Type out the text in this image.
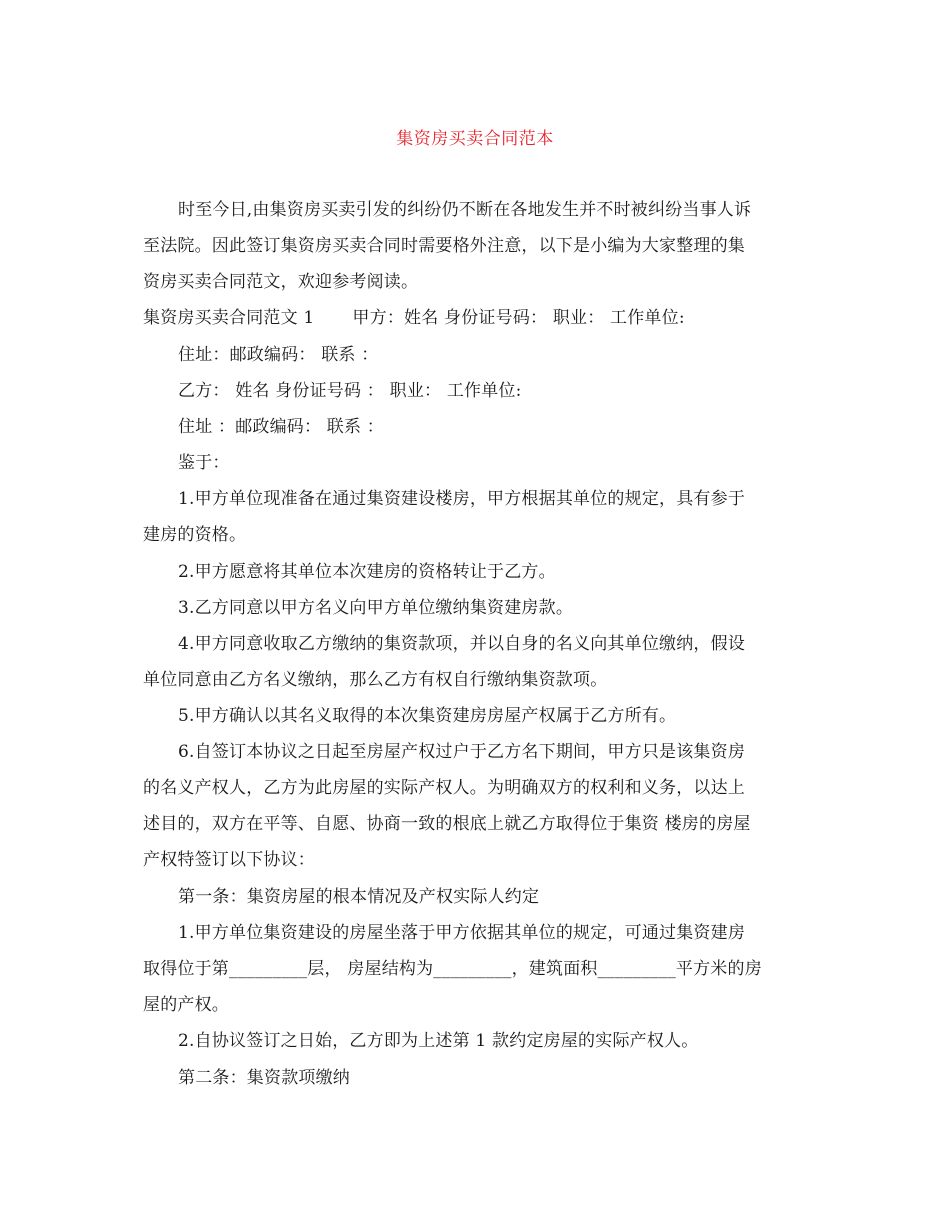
集资房买卖合同范本
时至今日,由集资房买卖引发的纠纷仍不断在各地发生并不时被纠纷当事人诉
至法院。因此签订集资房买卖合同时需要格外注意，以下是小编为大家整理的集
资房买卖合同范文，欢迎参考阅读。
集资房买卖合同范文 1 甲方：姓名 身份证号码： 职业： 工作单位:
住址：邮政编码： 联系 ：
乙方： 姓名 身份证号码 ： 职业： 工作单位:
住址 ：邮政编码： 联系 ：
鉴于：
1.甲方单位现准备在通过集资建设楼房，甲方根据其单位的规定，具有参于
建房的资格。
2.甲方愿意将其单位本次建房的资格转让于乙方。
3.乙方同意以甲方名义向甲方单位缴纳集资建房款。
4.甲方同意收取乙方缴纳的集资款项，并以自身的名义向其单位缴纳，假设
单位同意由乙方名义缴纳，那么乙方有权自行缴纳集资款项。
5.甲方确认以其名义取得的本次集资建房房屋产权属于乙方所有。
6.自签订本协议之日起至房屋产权过户于乙方名下期间，甲方只是该集资房
的名义产权人，乙方为此房屋的实际产权人。为明确双方的权利和义务，以达上
述目的，双方在平等、自愿、协商一致的根底上就乙方取得位于集资 楼房的房屋
产权特签订以下协议：
第一条：集资房屋的根本情况及产权实际人约定
1.甲方单位集资建设的房屋坐落于甲方依据其单位的规定，可通过集资建房
取得位于第_________层， 房屋结构为_________，建筑面积_________平方米的房
屋的产权。
2.自协议签订之日始，乙方即为上述第 1 款约定房屋的实际产权人。
第二条：集资款项缴纳
